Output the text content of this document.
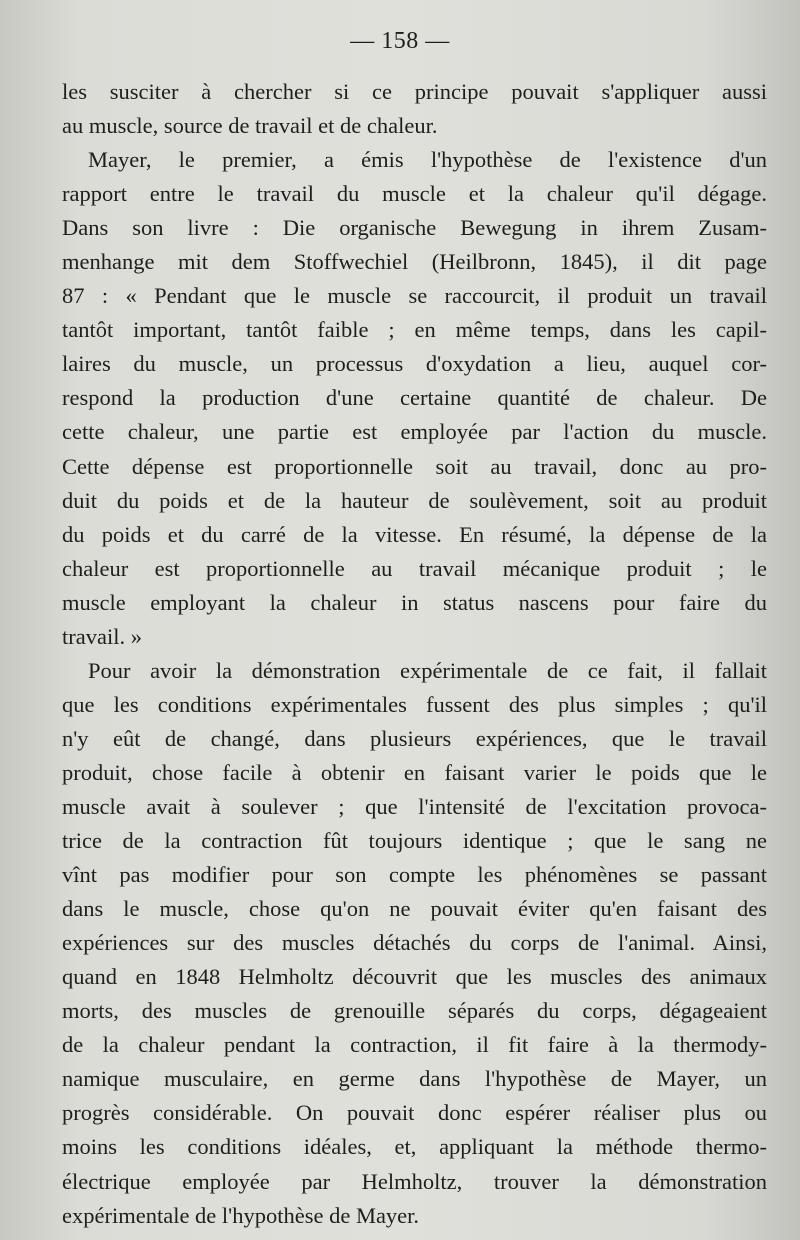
— 158 —
les susciter à chercher si ce principe pouvait s'appliquer aussi
au muscle, source de travail et de chaleur.
Mayer, le premier, a émis l'hypothèse de l'existence d'un
rapport entre le travail du muscle et la chaleur qu'il dégage.
Dans son livre : Die organische Bewegung in ihrem Zusam-
menhange mit dem Stoffwechiel (Heilbronn, 1845), il dit page
87 : « Pendant que le muscle se raccourcit, il produit un travail
tantôt important, tantôt faible ; en même temps, dans les capil-
laires du muscle, un processus d'oxydation a lieu, auquel cor-
respond la production d'une certaine quantité de chaleur. De
cette chaleur, une partie est employée par l'action du muscle.
Cette dépense est proportionnelle soit au travail, donc au pro-
duit du poids et de la hauteur de soulèvement, soit au produit
du poids et du carré de la vitesse. En résumé, la dépense de la
chaleur est proportionnelle au travail mécanique produit ; le
muscle employant la chaleur in status nascens pour faire du
travail. »
Pour avoir la démonstration expérimentale de ce fait, il fallait
que les conditions expérimentales fussent des plus simples ; qu'il
n'y eût de changé, dans plusieurs expériences, que le travail
produit, chose facile à obtenir en faisant varier le poids que le
muscle avait à soulever ; que l'intensité de l'excitation provoca-
trice de la contraction fût toujours identique ; que le sang ne
vînt pas modifier pour son compte les phénomènes se passant
dans le muscle, chose qu'on ne pouvait éviter qu'en faisant des
expériences sur des muscles détachés du corps de l'animal. Ainsi,
quand en 1848 Helmholtz découvrit que les muscles des animaux
morts, des muscles de grenouille séparés du corps, dégageaient
de la chaleur pendant la contraction, il fit faire à la thermody-
namique musculaire, en germe dans l'hypothèse de Mayer, un
progrès considérable. On pouvait donc espérer réaliser plus ou
moins les conditions idéales, et, appliquant la méthode thermo-
électrique employée par Helmholtz, trouver la démonstration
expérimentale de l'hypothèse de Mayer.
